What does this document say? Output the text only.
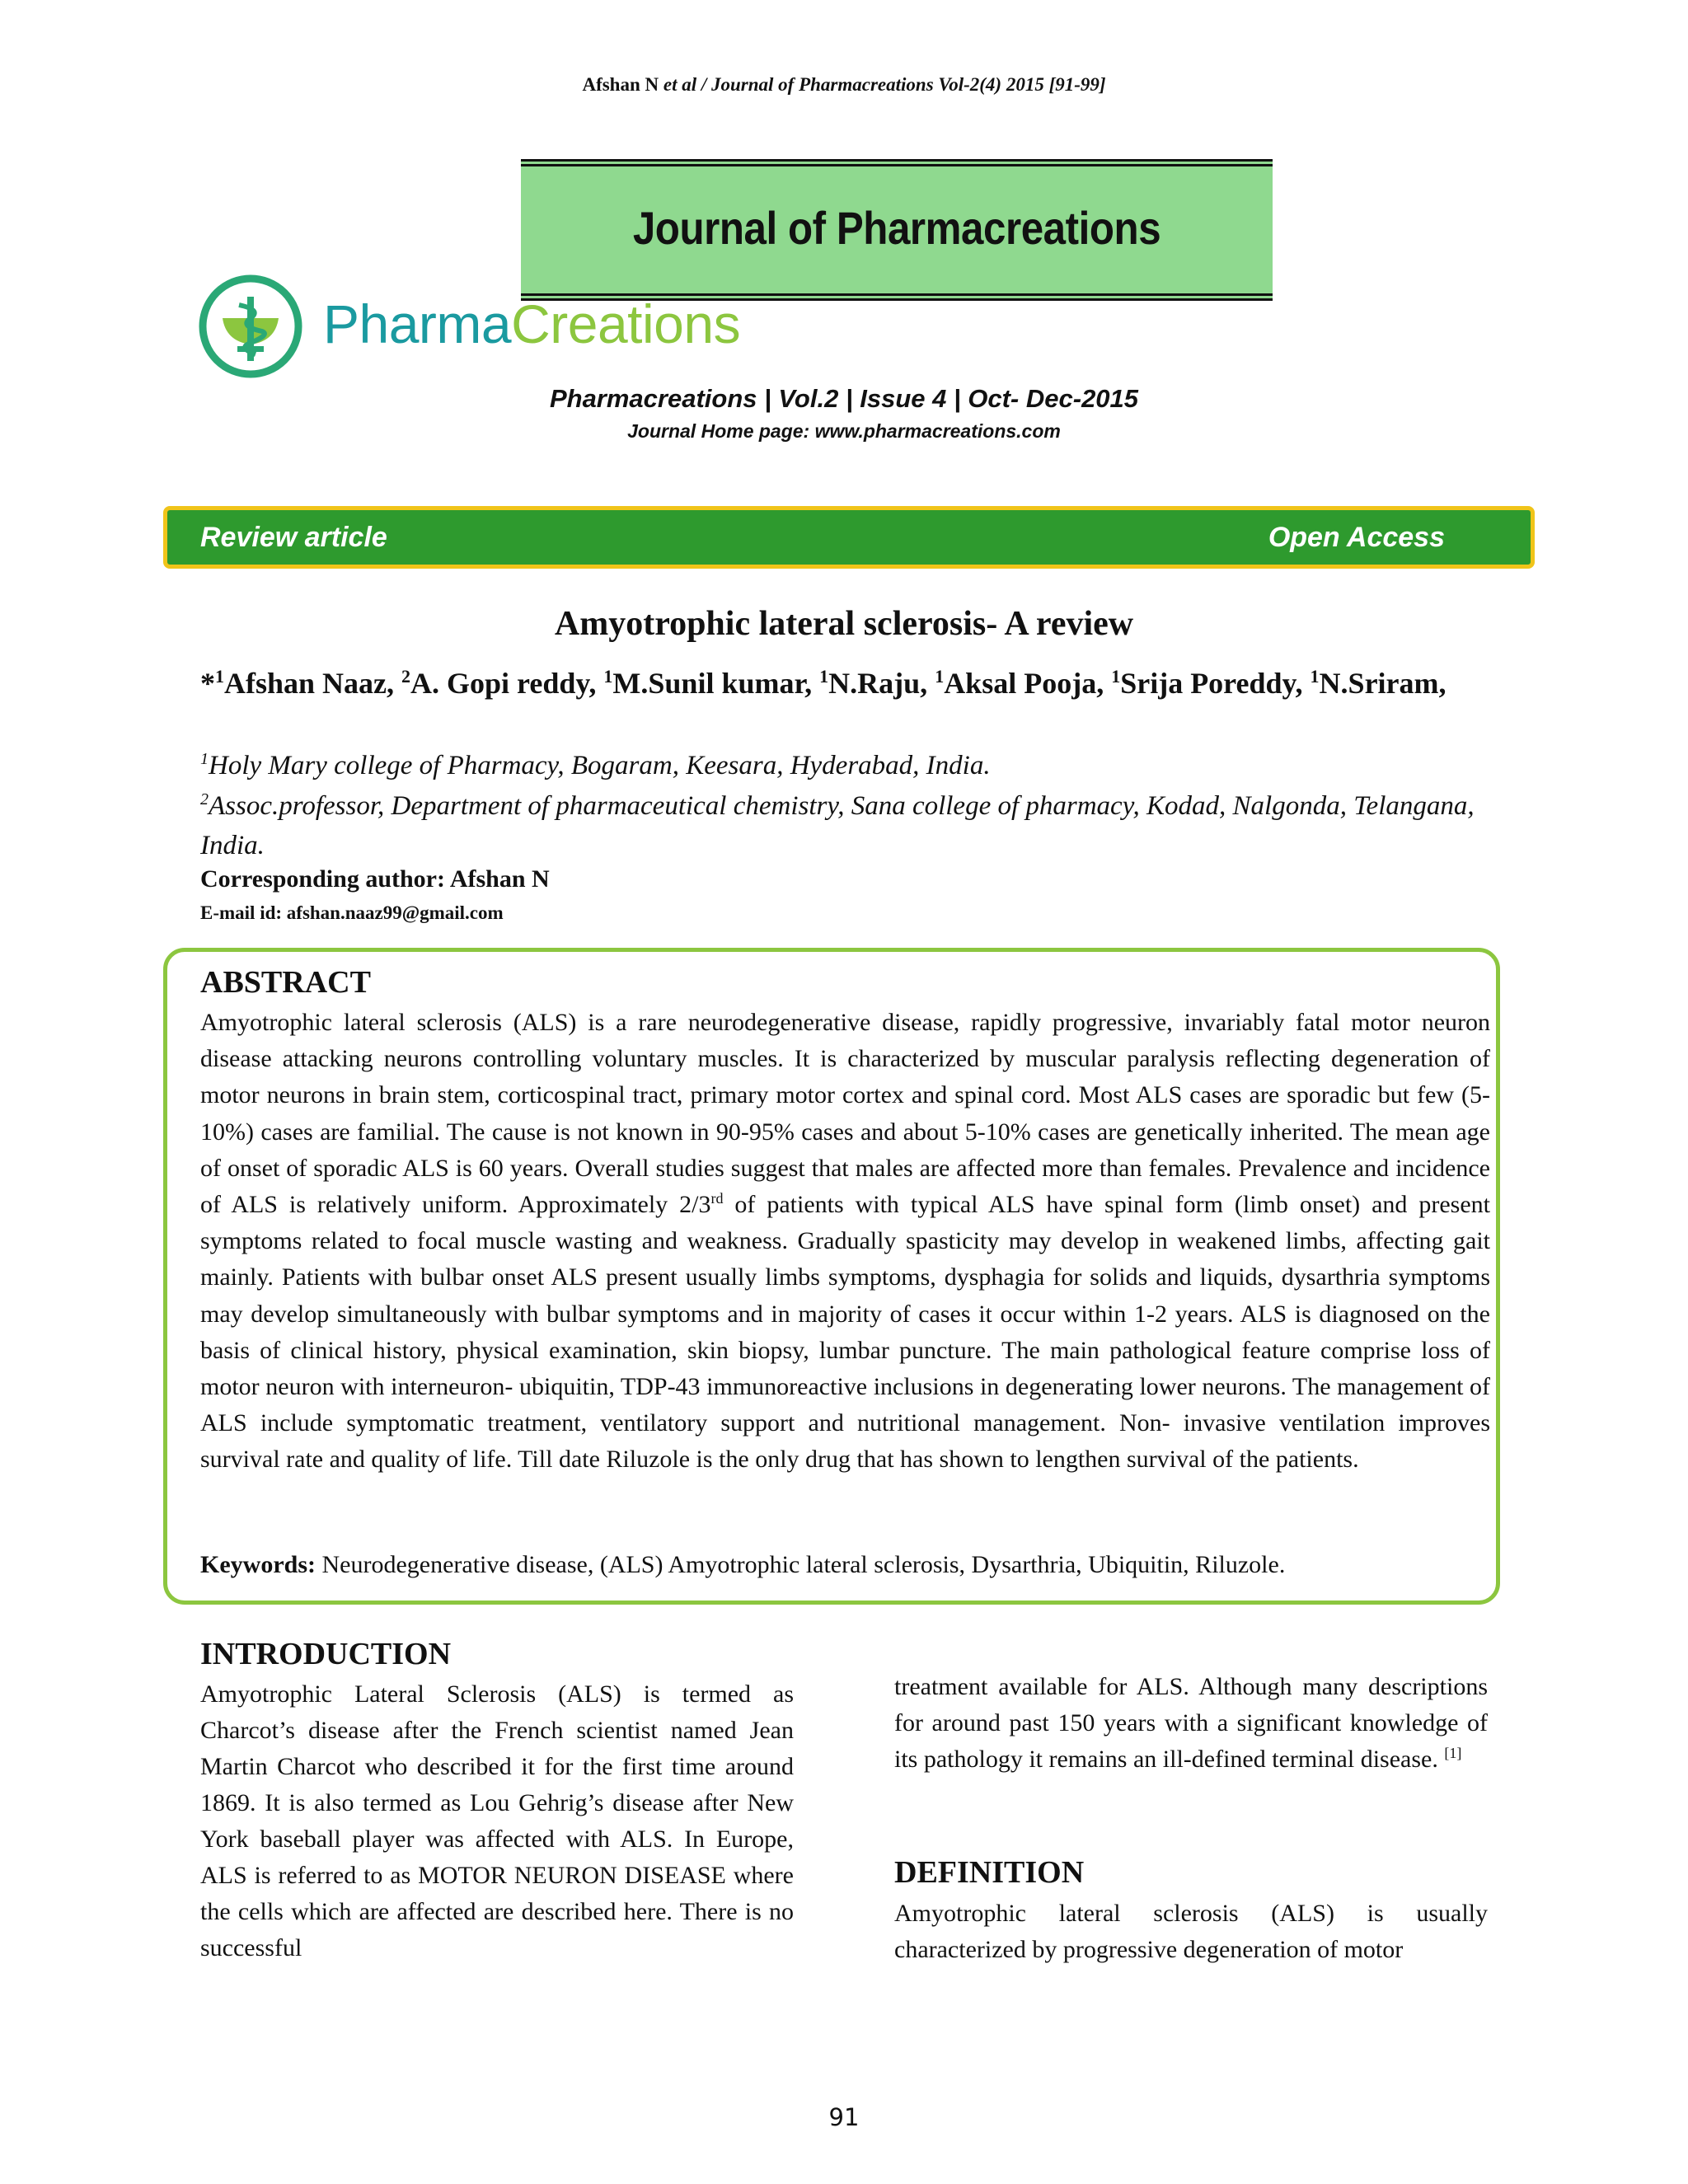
Afshan N et al / Journal of Pharmacreations Vol-2(4) 2015 [91-99]
Journal of Pharmacreations
PharmaCreations
Pharmacreations | Vol.2 | Issue 4 | Oct- Dec-2015
Journal Home page: www.pharmacreations.com
Review article	Open Access
Amyotrophic lateral sclerosis- A review
*$^1$Afshan Naaz, $^2$A. Gopi reddy, $^1$M.Sunil kumar, $^1$N.Raju, $^1$Aksal Pooja, $^1$Srija Poreddy, $^1$N.Sriram,
$^1$Holy Mary college of Pharmacy, Bogaram, Keesara, Hyderabad, India.
$^2$Assoc.professor, Department of pharmaceutical chemistry, Sana college of pharmacy, Kodad, Nalgonda, Telangana, India.
Corresponding author: Afshan N
E-mail id: afshan.naaz99@gmail.com
ABSTRACT

Amyotrophic lateral sclerosis (ALS) is a rare neurodegenerative disease, rapidly progressive, invariably fatal motor neuron disease attacking neurons controlling voluntary muscles. It is characterized by muscular paralysis reflecting degeneration of motor neurons in brain stem, corticospinal tract, primary motor cortex and spinal cord. Most ALS cases are sporadic but few (5-10%) cases are familial. The cause is not known in 90-95% cases and about 5-10% cases are genetically inherited. The mean age of onset of sporadic ALS is 60 years. Overall studies suggest that males are affected more than females. Prevalence and incidence of ALS is relatively uniform. Approximately 2/3rd of patients with typical ALS have spinal form (limb onset) and present symptoms related to focal muscle wasting and weakness. Gradually spasticity may develop in weakened limbs, affecting gait mainly. Patients with bulbar onset ALS present usually limbs symptoms, dysphagia for solids and liquids, dysarthria symptoms may develop simultaneously with bulbar symptoms and in majority of cases it occur within 1-2 years. ALS is diagnosed on the basis of clinical history, physical examination, skin biopsy, lumbar puncture. The main pathological feature comprise loss of motor neuron with interneuron- ubiquitin, TDP-43 immunoreactive inclusions in degenerating lower neurons. The management of ALS include symptomatic treatment, ventilatory support and nutritional management. Non- invasive ventilation improves survival rate and quality of life. Till date Riluzole is the only drug that has shown to lengthen survival of the patients.

Keywords: Neurodegenerative disease, (ALS) Amyotrophic lateral sclerosis, Dysarthria, Ubiquitin, Riluzole.
INTRODUCTION

Amyotrophic Lateral Sclerosis (ALS) is termed as Charcot’s disease after the French scientist named Jean Martin Charcot who described it for the first time around 1869. It is also termed as Lou Gehrig’s disease after New York baseball player was affected with ALS. In Europe, ALS is referred to as MOTOR NEURON DISEASE where the cells which are affected are described here. There is no successful

treatment available for ALS. Although many descriptions for around past 150 years with a significant knowledge of its pathology it remains an ill-defined terminal disease. [1]

DEFINITION

Amyotrophic lateral sclerosis (ALS) is usually characterized by progressive degeneration of motor

91
